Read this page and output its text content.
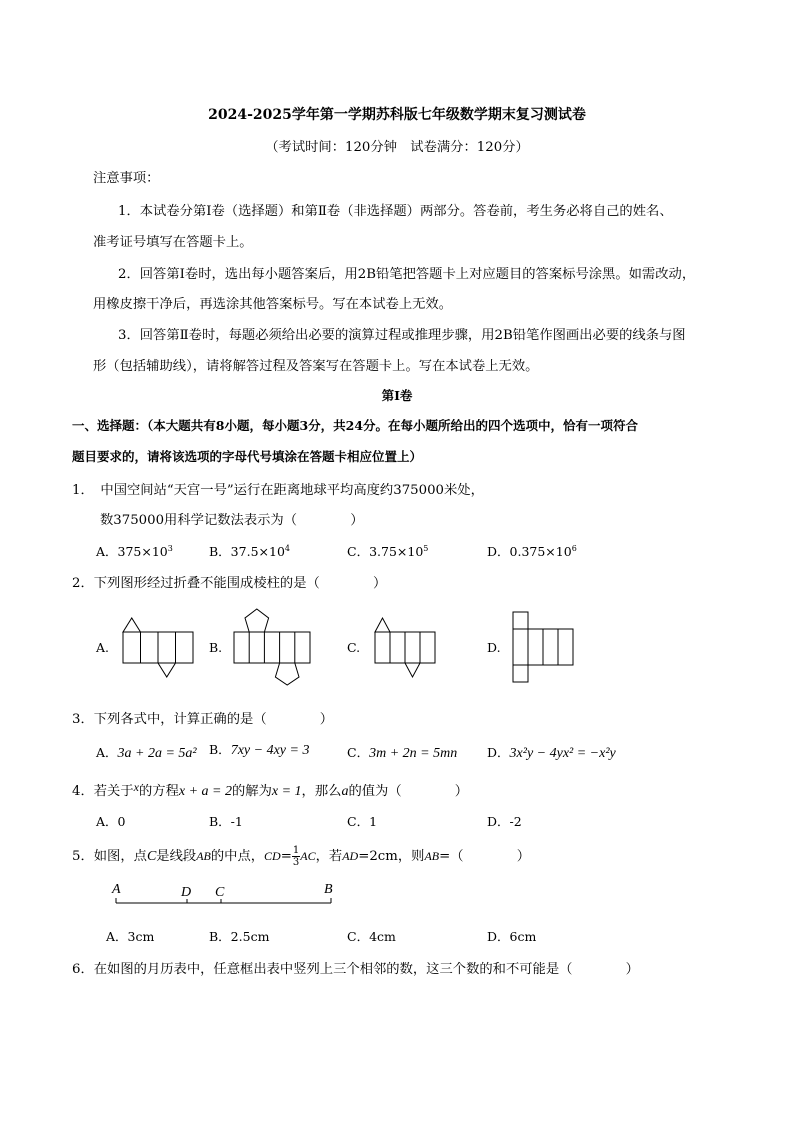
2024-2025学年第一学期苏科版七年级数学期末复习测试卷
（考试时间：120分钟　试卷满分：120分）
注意事项：
1．本试卷分第Ⅰ卷（选择题）和第Ⅱ卷（非选择题）两部分。答卷前，考生务必将自己的姓名、
准考证号填写在答题卡上。
2．回答第Ⅰ卷时，选出每小题答案后，用2B铅笔把答题卡上对应题目的答案标号涂黑。如需改动，
用橡皮擦干净后，再选涂其他答案标号。写在本试卷上无效。
3．回答第Ⅱ卷时，每题必须给出必要的演算过程或推理步骤，用2B铅笔作图画出必要的线条与图
形（包括辅助线），请将解答过程及答案写在答题卡上。写在本试卷上无效。
第Ⅰ卷
一、选择题：（本大题共有8小题，每小题3分，共24分。在每小题所给出的四个选项中，恰有一项符合
题目要求的，请将该选项的字母代号填涂在答题卡相应位置上）
1．　中国空间站“天宫一号”运行在距离地球平均高度约375000米处，
数375000用科学记数法表示为（　　　　）
A．$375\times 10^3$	B．$37.5\times 10^4$	C．$3.75\times 10^5$	D．$0.375\times 10^6$
2．下列图形经过折叠不能围成棱柱的是（　　　　）
A.	B.	C.	D.
3．下列各式中，计算正确的是（　　　　）
A．3a + 2a = 5a² B．7xy − 4xy = 3	C．3m + 2n = 5mn D．3x²y − 4yx² = −x²y
4．若关于x的方程x + a = 2的解为x = 1，那么a的值为（　　　　）
A．0	B．-1	C．1	D．-2
5．如图，点C是线段AB的中点，$CD= \frac{1}{3}$ AC，若AD=2cm，则AB=（　　　　）
A	D C	B
A．3cm	B．2.5cm	C．4cm	D．6cm
6．在如图的月历表中，任意框出表中竖列上三个相邻的数，这三个数的和不可能是（　　　　）
